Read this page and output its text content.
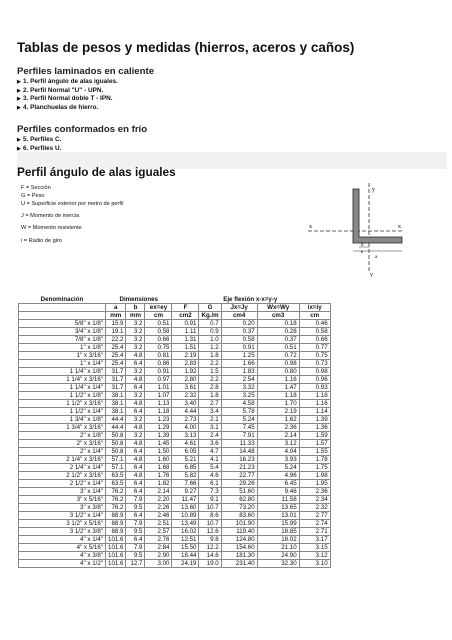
Tablas de pesos y medidas (hierros, aceros y caños)
Perfiles laminados en caliente
▶ 1. Perfil ángulo de alas iguales.
▶ 2. Perfil Normal "U" - UPN.
▶ 3. Perfil Normal doble T - IPN.
▶ 4. Planchuelas de hierro.
Perfiles conformados en frío
▶ 5. Perfiles C.
▶ 6. Perfiles U.
Perfil ángulo de alas iguales
F = Sección
G = Peso
U = Superficie exterior por metro de perfil
J = Momento de inercia
W = Momento resistente
i = Radio de giro
y
y
x	x
a
b
e
Denominación	Dimensiones					Eje flexión x-x=y-y		
	a	b	ex=ey	F	G	Jx=Jy	Wx=Wy	ix=iy
	mm	mm	cm	cm2	Kg./m	cm4	cm3	cm
5/8" x 1/8"	15.9	3.2	0.51	0.91	0.7	0.20	0.18	0.46
3/4" x 1/8"	19.1	3.2	0.58	1.11	0.9	0.37	0.28	0.58
7/8" x 1/8"	22.2	3.2	0.66	1.31	1.0	0.58	0.37	0.66
1" x 1/8"	25.4	3.2	0.75	1.51	1.2	0.91	0.51	0.77
1" x 3/16"	25.4	4.8	0.81	2.19	1.8	1.25	0.72	0.75
1" x 1/4"	25.4	6.4	0.86	2.83	2.2	1.66	0.98	0.73
1 1/4" x 1/8"	31.7	3.2	0.91	1.92	1.5	1.83	0.80	0.98
1 1/4" x 3/16"	31.7	4.8	0.97	2.80	2.2	2.54	1.16	0.96
1 1/4" x 1/4"	31.7	6.4	1.01	3.61	2.8	3.32	1.47	0.93
1 1/2" x 1/8"	38.1	3.2	1.07	2.32	1.8	3.25	1.18	1.18
1 1/2" x 3/16"	38.1	4.8	1.13	3.40	2.7	4.58	1.70	1.16
1 1/2" x 1/4"	38.1	6.4	1.18	4.44	3.4	5.78	2.19	1.14
1 3/4" x 1/8"	44.4	3.2	1.23	2.73	2.1	5.24	1.62	1.39
1 3/4" x 3/16"	44.4	4.8	1.29	4.00	3.1	7.45	2.36	1.36
2" x 1/8"	50.8	3.2	1.39	3.13	2.4	7.91	2.14	1.59
2" x 3/16"	50.8	4.8	1.45	4.61	3.6	11.33	3.12	1.57
2" x 1/4"	50.8	6.4	1.50	6.05	4.7	14.48	4.04	1.55
2 1/4" x 3/16"	57.1	4.8	1.60	5.21	4.1	16.23	3.93	1.78
2 1/4" x 1/4"	57.1	6.4	1.68	6.85	5.4	21.23	5.24	1.75
2 1/2" x 3/16"	63.5	4.8	1.76	5.82	4.6	22.77	4.96	1.98
2 1/2" x 1/4"	63.5	6.4	1.82	7.66	6.1	29.26	6.45	1.95
3" x 1/4"	76.2	6.4	2.14	9.27	7.3	51.60	9.46	2.36
3" x 5/16"	76.2	7.9	2.20	11.47	9.1	62.80	11.58	2.34
3" x 3/8"	76.2	9.5	2.26	13.60	10.7	73.20	13.65	2.32
3 1/2" x 1/4"	88.9	6.4	2.46	10.89	8.6	83.60	13.01	2.77
3 1/2" x 5/16"	88.9	7.9	2.51	13.49	10.7	101.90	15.99	2.74
3 1/2" x 3/8"	88.9	9.5	2.57	16.02	12.6	119.40	18.85	2.71
4" x 1/4"	101.6	6.4	2.76	12.51	9.8	124.80	18.02	3.17
4" x 5/16"	101.6	7.9	2.84	15.50	12.2	154.60	21.10	3.15
4" x 3/8"	101.6	9.5	2.90	18.44	14.6	181.30	24.90	3.12
4" x 1/2"	101.6	12.7	3.00	24.19	19.0	231.40	32.30	3.10
